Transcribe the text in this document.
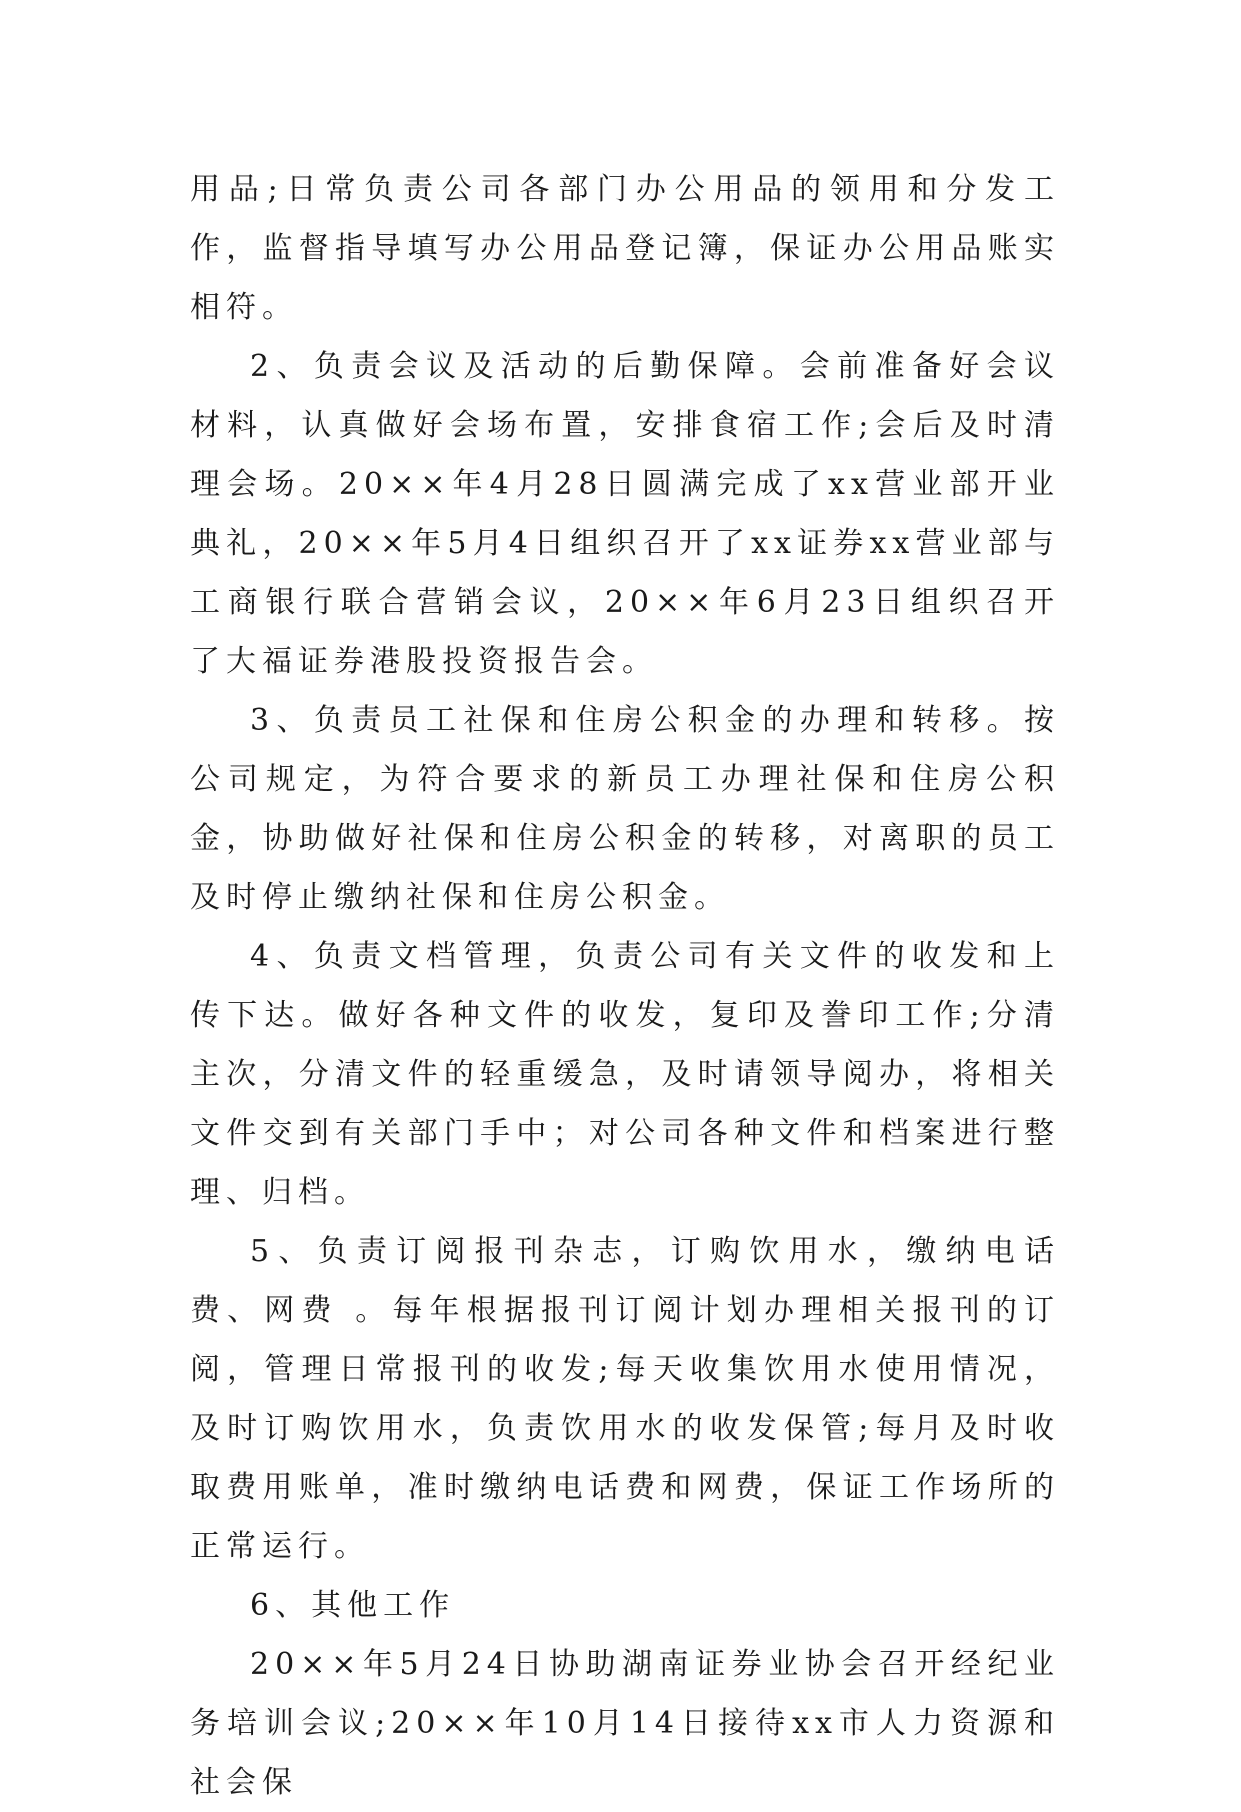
用品;日常负责公司各部门办公用品的领用和分发工作，监督指导填写办公用品登记簿，保证办公用品账实相符。

2、负责会议及活动的后勤保障。会前准备好会议材料，认真做好会场布置，安排食宿工作;会后及时清理会场。20××年4月28日圆满完成了xx营业部开业典礼，20××年5月4日组织召开了xx证券xx营业部与工商银行联合营销会议，20××年6月23日组织召开了大福证券港股投资报告会。

3、负责员工社保和住房公积金的办理和转移。按公司规定，为符合要求的新员工办理社保和住房公积金，协助做好社保和住房公积金的转移，对离职的员工及时停止缴纳社保和住房公积金。

4、负责文档管理，负责公司有关文件的收发和上传下达。做好各种文件的收发，复印及誊印工作;分清主次，分清文件的轻重缓急，及时请领导阅办，将相关文件交到有关部门手中；对公司各种文件和档案进行整理、归档。

5、负责订阅报刊杂志，订购饮用水，缴纳电话费、网费 。每年根据报刊订阅计划办理相关报刊的订阅，管理日常报刊的收发;每天收集饮用水使用情况，及时订购饮用水，负责饮用水的收发保管;每月及时收取费用账单，准时缴纳电话费和网费，保证工作场所的正常运行。

6、其他工作

20××年5月24日协助湖南证券业协会召开经纪业务培训会议;20××年10月14日接待xx市人力资源和社会保
